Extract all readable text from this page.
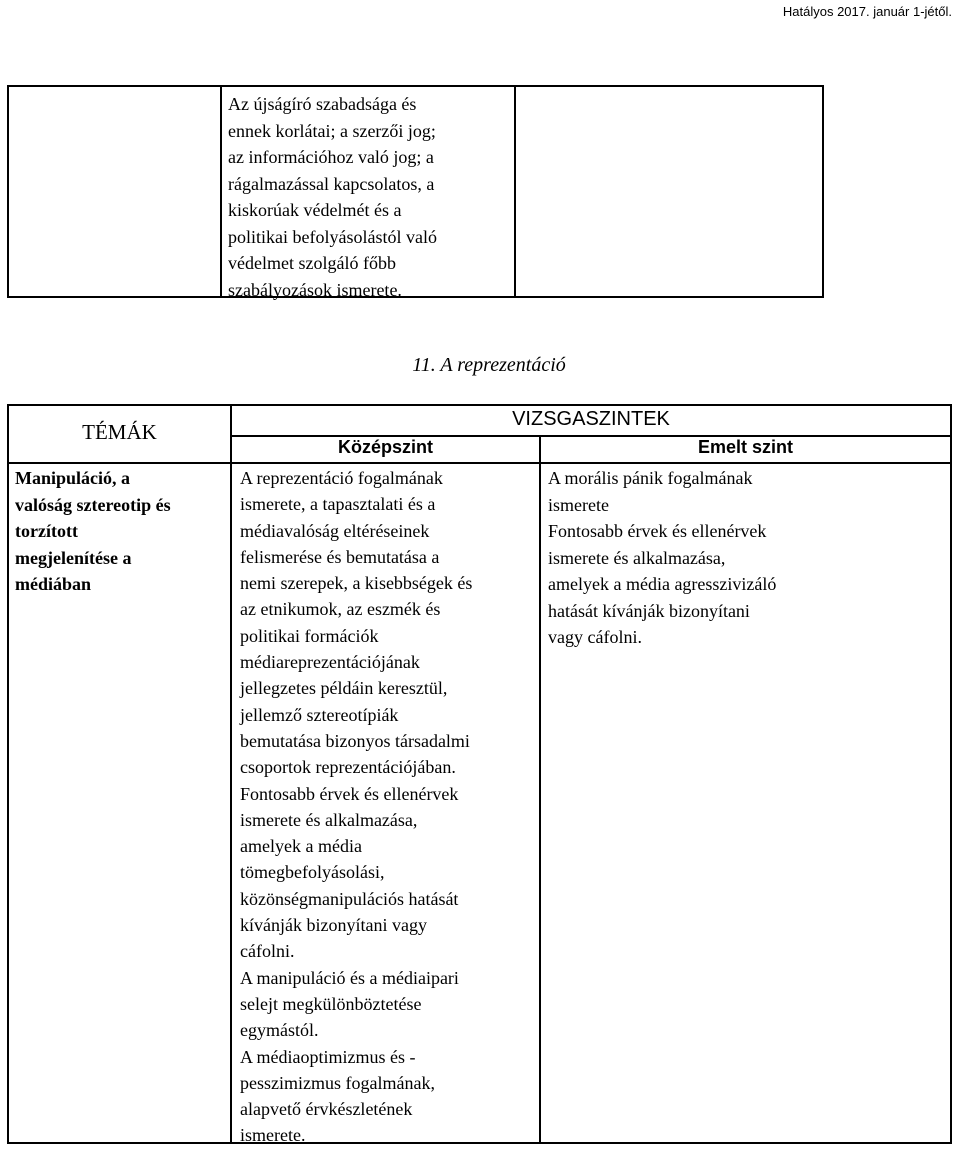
Hatályos 2017. január 1-jétől.
Az újságíró szabadsága és
ennek korlátai; a szerzői jog;
az információhoz való jog; a
rágalmazással kapcsolatos, a
kiskorúak védelmét és a
politikai befolyásolástól való
védelmet szolgáló főbb
szabályozások ismerete.
11. A reprezentáció
TÉMÁK
VIZSGASZINTEK
Középszint	Emelt szint
Manipuláció, a
valóság sztereotip és
torzított
megjelenítése a
médiában
A reprezentáció fogalmának
ismerete, a tapasztalati és a
médiavalóság eltéréseinek
felismerése és bemutatása a
nemi szerepek, a kisebbségek és
az etnikumok, az eszmék és
politikai formációk
médiareprezentációjának
jellegzetes példáin keresztül,
jellemző sztereotípiák
bemutatása bizonyos társadalmi
csoportok reprezentációjában.
Fontosabb érvek és ellenérvek
ismerete és alkalmazása,
amelyek a média
tömegbefolyásolási,
közönségmanipulációs hatását
kívánják bizonyítani vagy
cáfolni.
A manipuláció és a médiaipari
selejt megkülönböztetése
egymástól.
A médiaoptimizmus és -
pesszimizmus fogalmának,
alapvető érvkészletének
ismerete.
A morális pánik fogalmának
ismerete
Fontosabb érvek és ellenérvek
ismerete és alkalmazása,
amelyek a média agresszivizáló
hatását kívánják bizonyítani
vagy cáfolni.
